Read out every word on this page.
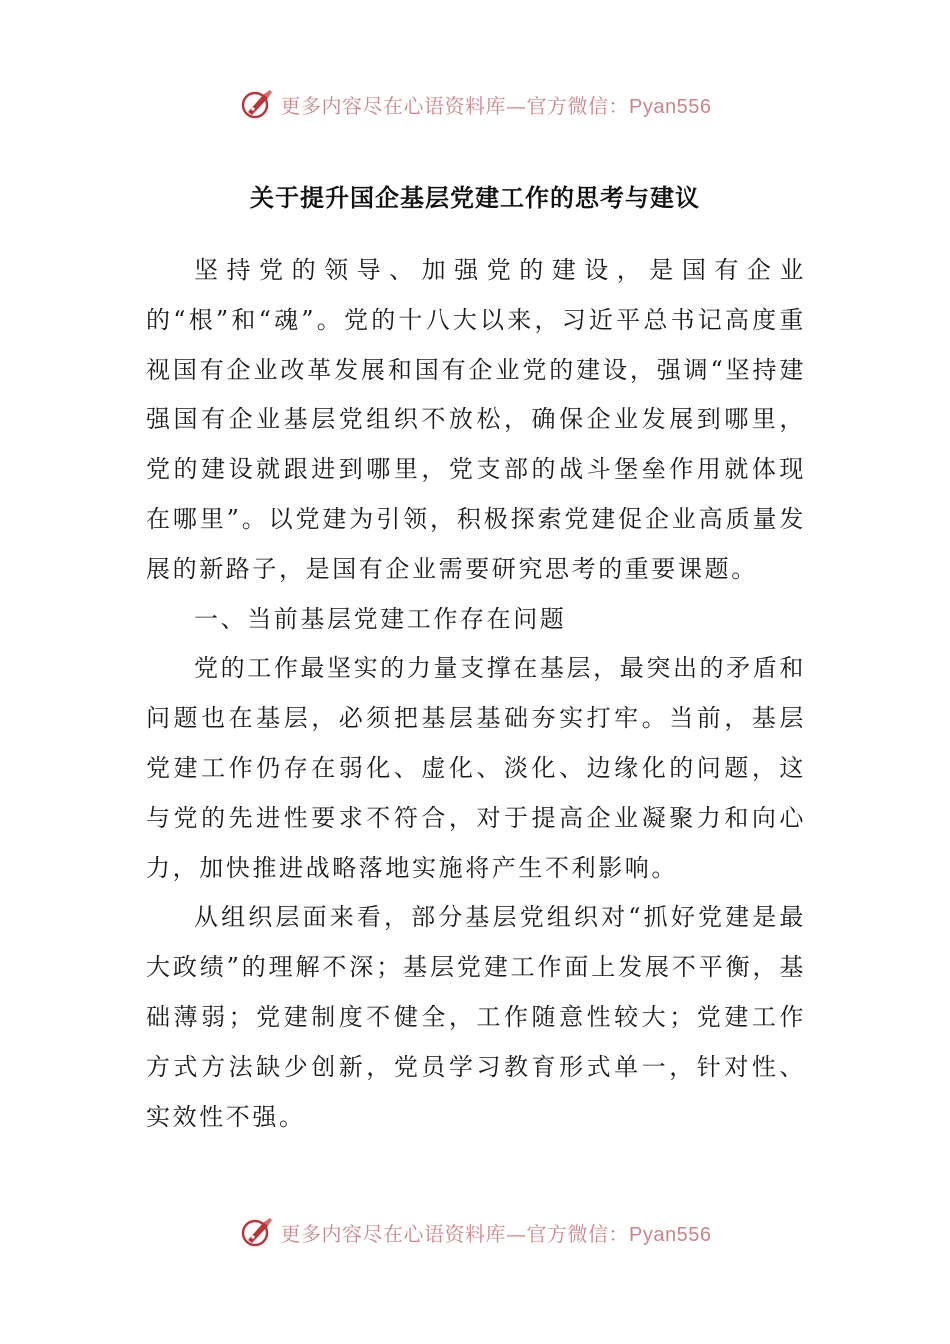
更多内容尽在心语资料库—官方微信：Pyan556
关于提升国企基层党建工作的思考与建议

坚持党的领导、加强党的建设，是国有企业的“根”和“魂”。党的十八大以来，习近平总书记高度重视国有企业改革发展和国有企业党的建设，强调“坚持建强国有企业基层党组织不放松，确保企业发展到哪里，党的建设就跟进到哪里，党支部的战斗堡垒作用就体现在哪里”。以党建为引领，积极探索党建促企业高质量发展的新路子，是国有企业需要研究思考的重要课题。

一、当前基层党建工作存在问题

党的工作最坚实的力量支撑在基层，最突出的矛盾和问题也在基层，必须把基层基础夯实打牢。当前，基层党建工作仍存在弱化、虚化、淡化、边缘化的问题，这与党的先进性要求不符合，对于提高企业凝聚力和向心力，加快推进战略落地实施将产生不利影响。

从组织层面来看，部分基层党组织对“抓好党建是最大政绩”的理解不深；基层党建工作面上发展不平衡，基础薄弱；党建制度不健全，工作随意性较大；党建工作方式方法缺少创新，党员学习教育形式单一，针对性、实效性不强。

更多内容尽在心语资料库—官方微信：Pyan556
